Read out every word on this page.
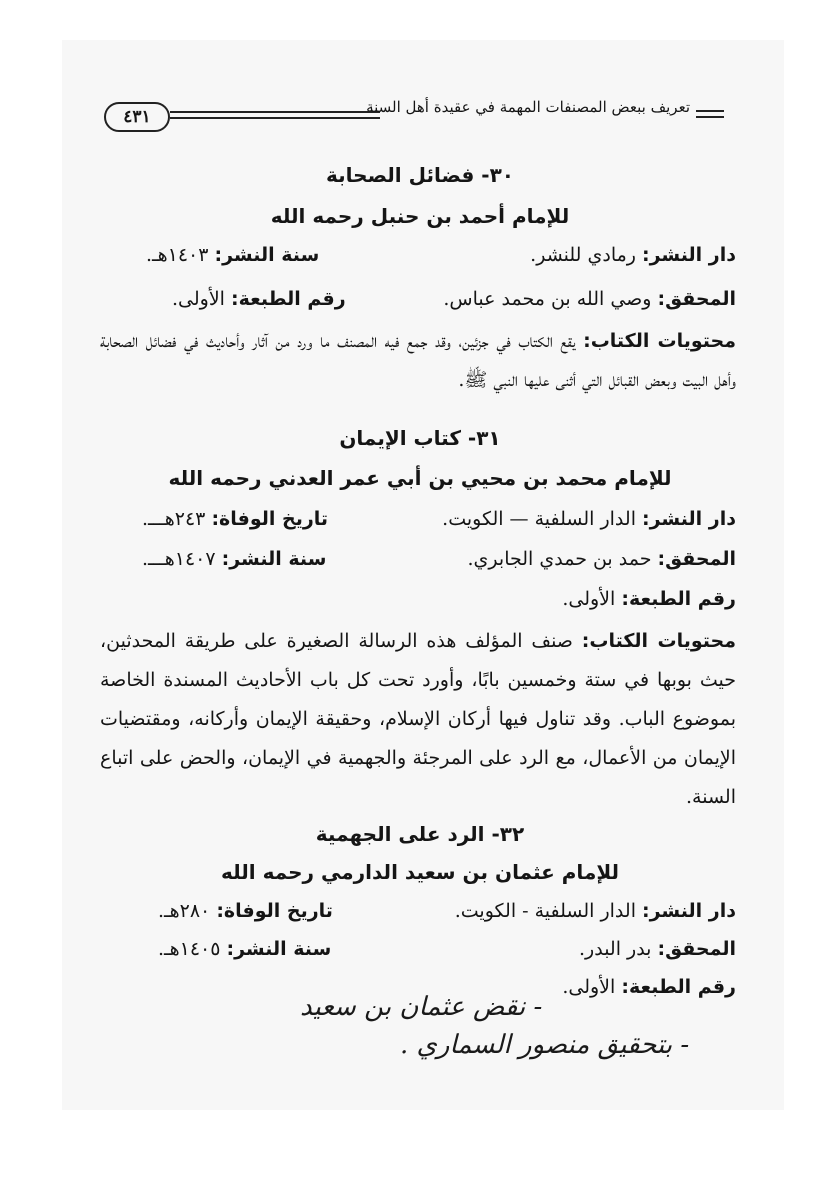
٤٣١	تعريف ببعض المصنفات المهمة في عقيدة أهل السنة
٣٠- فضائل الصحابة
للإمام أحمد بن حنبل رحمه الله
دار النشر: رمادي للنشر.
سنة النشر: ١٤٠٣هـ.
المحقق: وصي الله بن محمد عباس.
رقم الطبعة: الأولى.
محتويات الكتاب: يقع الكتاب في جزئين، وقد جمع فيه المصنف ما ورد من آثار وأحاديث في فضائل الصحابة وأهل البيت وبعض القبائل التي أثنى عليها النبي ﷺ.
٣١- كتاب الإيمان
للإمام محمد بن محيي بن أبي عمر العدني رحمه الله
دار النشر: الدار السلفية — الكويت.
تاريخ الوفاة: ٢٤٣هـــ.
المحقق: حمد بن حمدي الجابري.
سنة النشر: ١٤٠٧هـــ.
رقم الطبعة: الأولى.
محتويات الكتاب: صنف المؤلف هذه الرسالة الصغيرة على طريقة المحدثين، حيث بوبها في ستة وخمسين بابًا، وأورد تحت كل باب الأحاديث المسندة الخاصة بموضوع الباب. وقد تناول فيها أركان الإسلام، وحقيقة الإيمان وأركانه، ومقتضيات الإيمان من الأعمال، مع الرد على المرجئة والجهمية في الإيمان، والحض على اتباع السنة.
٣٢- الرد على الجهمية
للإمام عثمان بن سعيد الدارمي رحمه الله
دار النشر: الدار السلفية - الكويت.
تاريخ الوفاة: ٢٨٠هـ.
المحقق: بدر البدر.
سنة النشر: ١٤٠٥هـ.
رقم الطبعة: الأولى.
- نقض عثمان بن سعيد
- بتحقيق منصور السماري .
